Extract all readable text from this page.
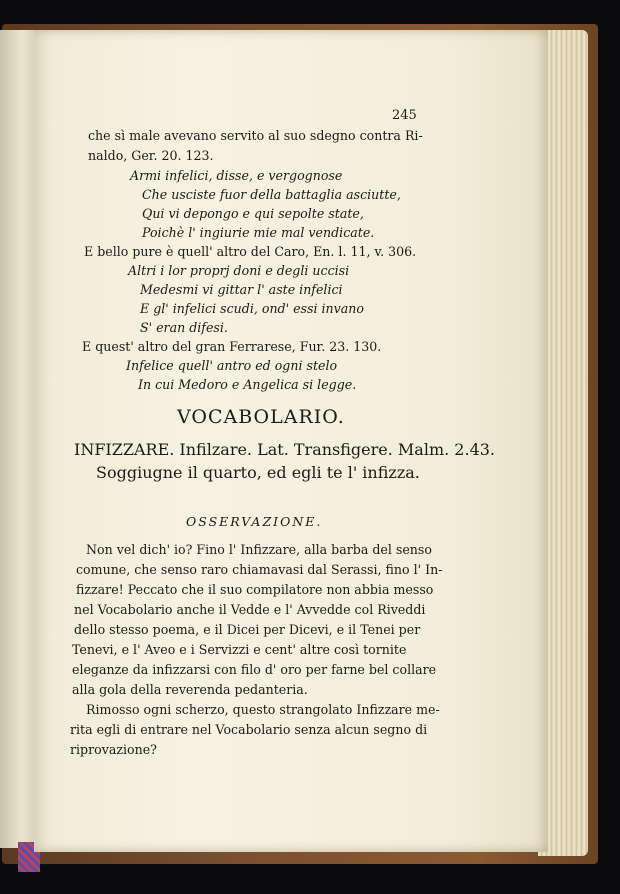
245
che sì male avevano servito al suo sdegno contra Ri-
naldo, Ger. 20. 123.
Armi infelici, disse, e vergognose
Che usciste fuor della battaglia asciutte,
Qui vi depongo e qui sepolte state,
Poichè l' ingiurie mie mal vendicate.
E bello pure è quell' altro del Caro, En. l. 11, v. 306.
Altri i lor proprj doni e degli uccisi
Medesmi vi gittar l' aste infelici
E gl' infelici scudi, ond' essi invano
S' eran difesi.
E quest' altro del gran Ferrarese, Fur. 23. 130.
Infelice quell' antro ed ogni stelo
In cui Medoro e Angelica si legge.
VOCABOLARIO.
INFIZZARE. Infilzare. Lat. Transfigere. Malm. 2.43.
Soggiugne il quarto, ed egli te l' infizza.
OSSERVAZIONE.
Non vel dich' io? Fino l' Infizzare, alla barba del senso
comune, che senso raro chiamavasi dal Serassi, fino l' In-
fizzare! Peccato che il suo compilatore non abbia messo
nel Vocabolario anche il Vedde e l' Avvedde col Riveddi
dello stesso poema, e il Dicei per Dicevi, e il Tenei per
Tenevi, e l' Aveo e i Servizzi e cent' altre così tornite
eleganze da infizzarsi con filo d' oro per farne bel collare
alla gola della reverenda pedanteria.
Rimosso ogni scherzo, questo strangolato Infizzare me-
rita egli di entrare nel Vocabolario senza alcun segno di
riprovazione?
